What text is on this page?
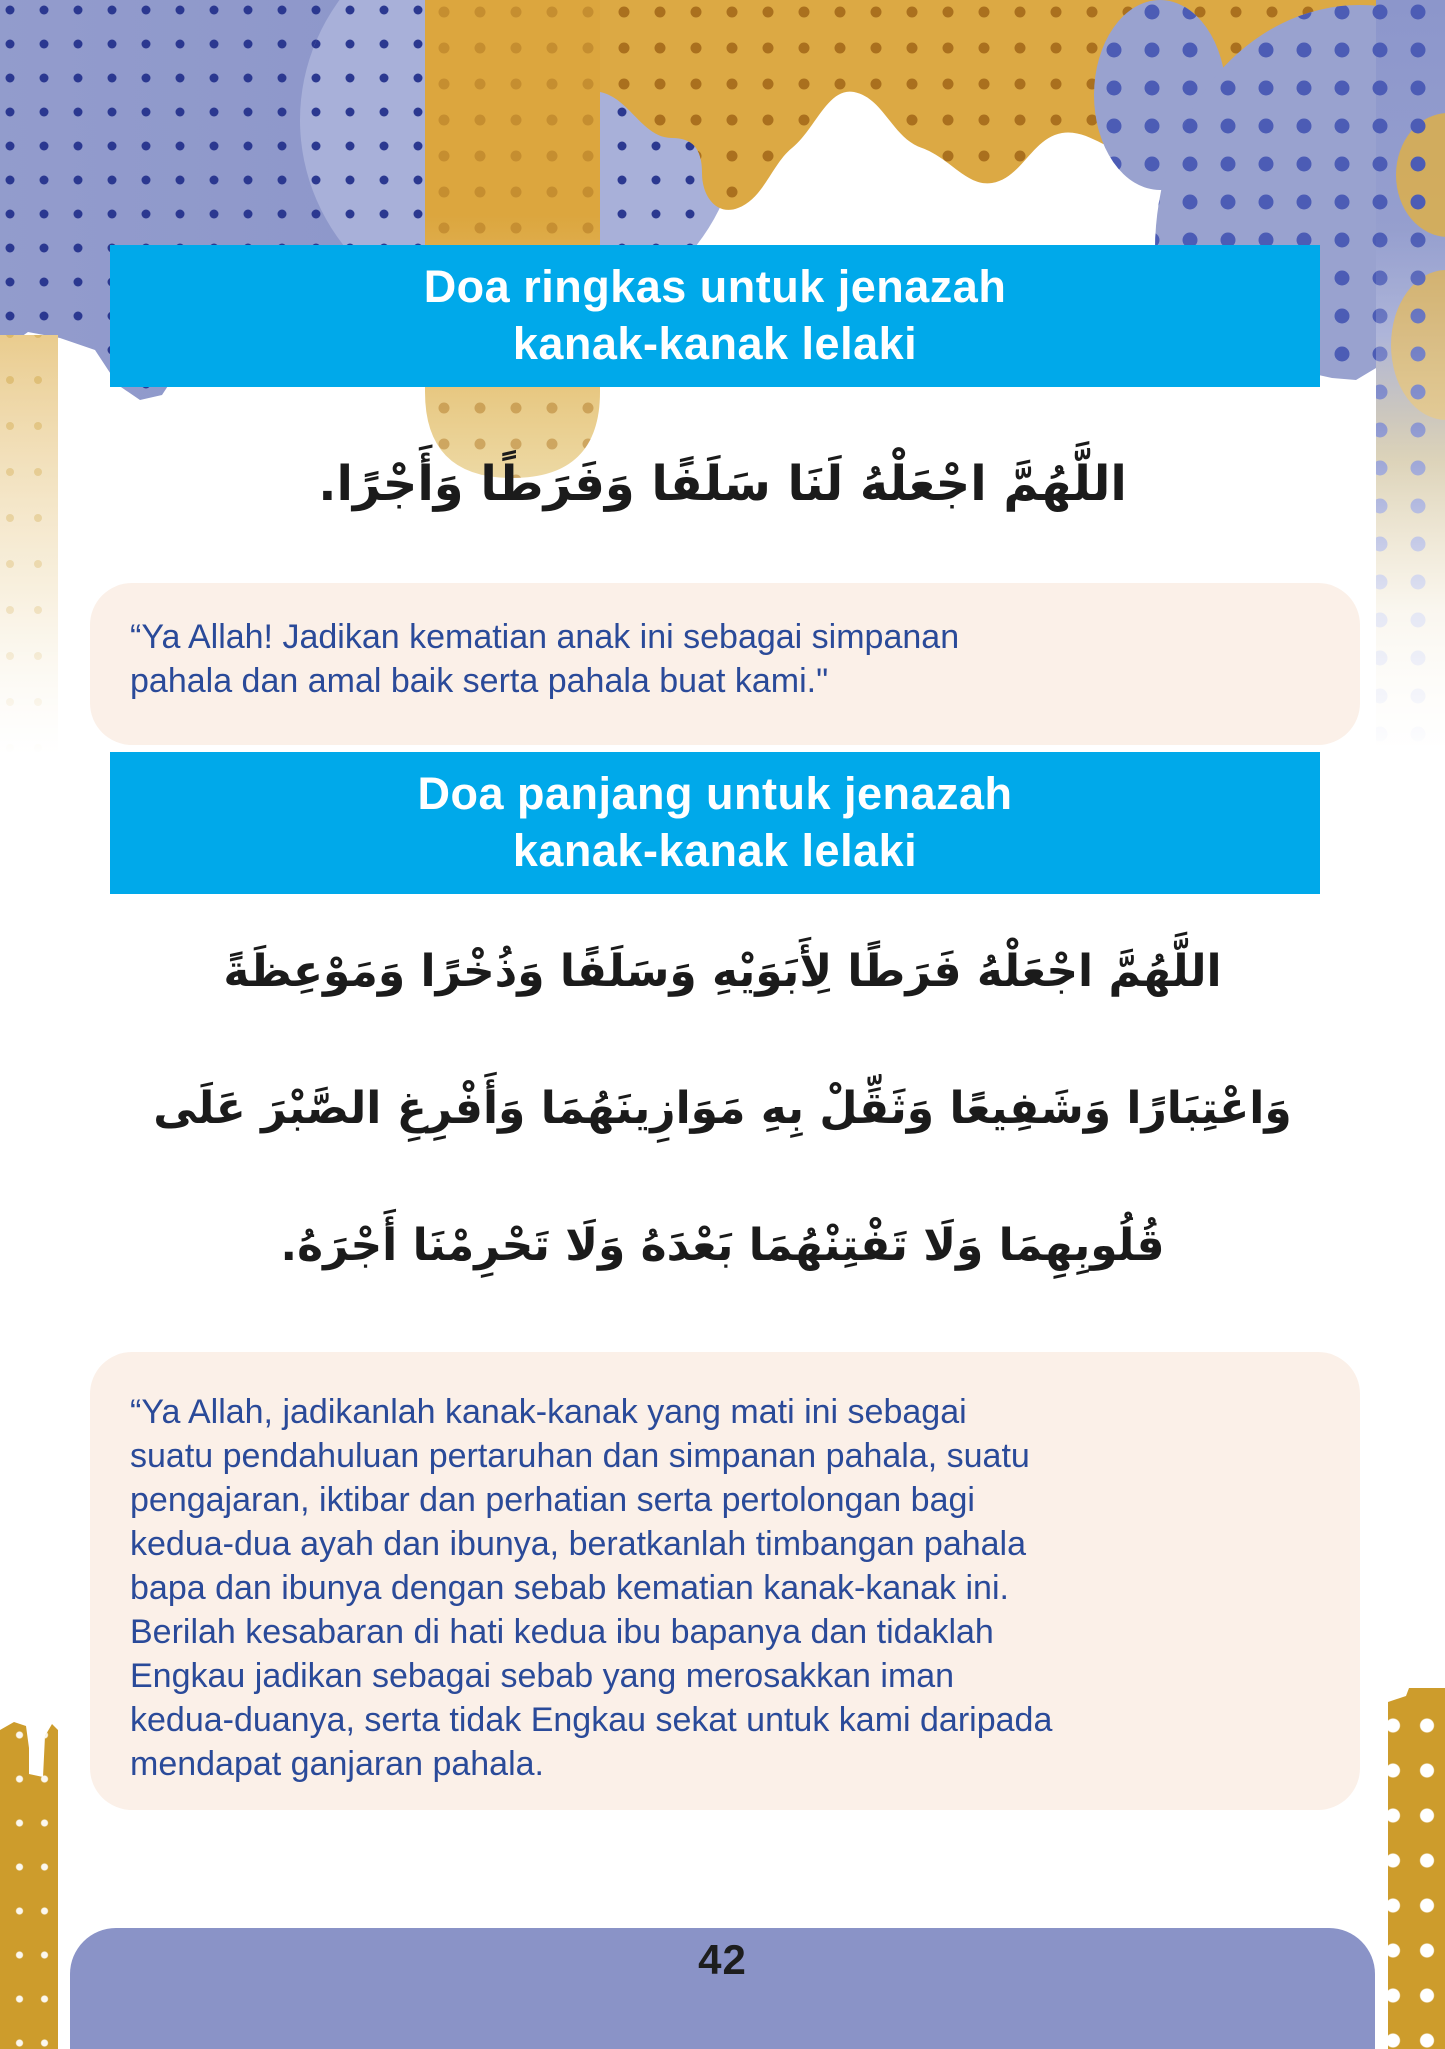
Doa ringkas untuk jenazah
kanak-kanak lelaki
اللَّهُمَّ اجْعَلْهُ لَنَا سَلَفًا وَفَرَطًا وَأَجْرًا.
“Ya Allah! Jadikan kematian anak ini sebagai simpanan
pahala dan amal baik serta pahala buat kami."
Doa panjang untuk jenazah
kanak-kanak lelaki
اللَّهُمَّ اجْعَلْهُ فَرَطًا لِأَبَوَيْهِ وَسَلَفًا وَذُخْرًا وَمَوْعِظَةً
وَاعْتِبَارًا وَشَفِيعًا وَثَقِّلْ بِهِ مَوَازِينَهُمَا وَأَفْرِغِ الصَّبْرَ عَلَى
قُلُوبِهِمَا وَلَا تَفْتِنْهُمَا بَعْدَهُ وَلَا تَحْرِمْنَا أَجْرَهُ.
“Ya Allah, jadikanlah kanak-kanak yang mati ini sebagai
suatu pendahuluan pertaruhan dan simpanan pahala, suatu
pengajaran, iktibar dan perhatian serta pertolongan bagi
kedua-dua ayah dan ibunya, beratkanlah timbangan pahala
bapa dan ibunya dengan sebab kematian kanak-kanak ini.
Berilah kesabaran di hati kedua ibu bapanya dan tidaklah
Engkau jadikan sebagai sebab yang merosakkan iman
kedua-duanya, serta tidak Engkau sekat untuk kami daripada
mendapat ganjaran pahala.
42
